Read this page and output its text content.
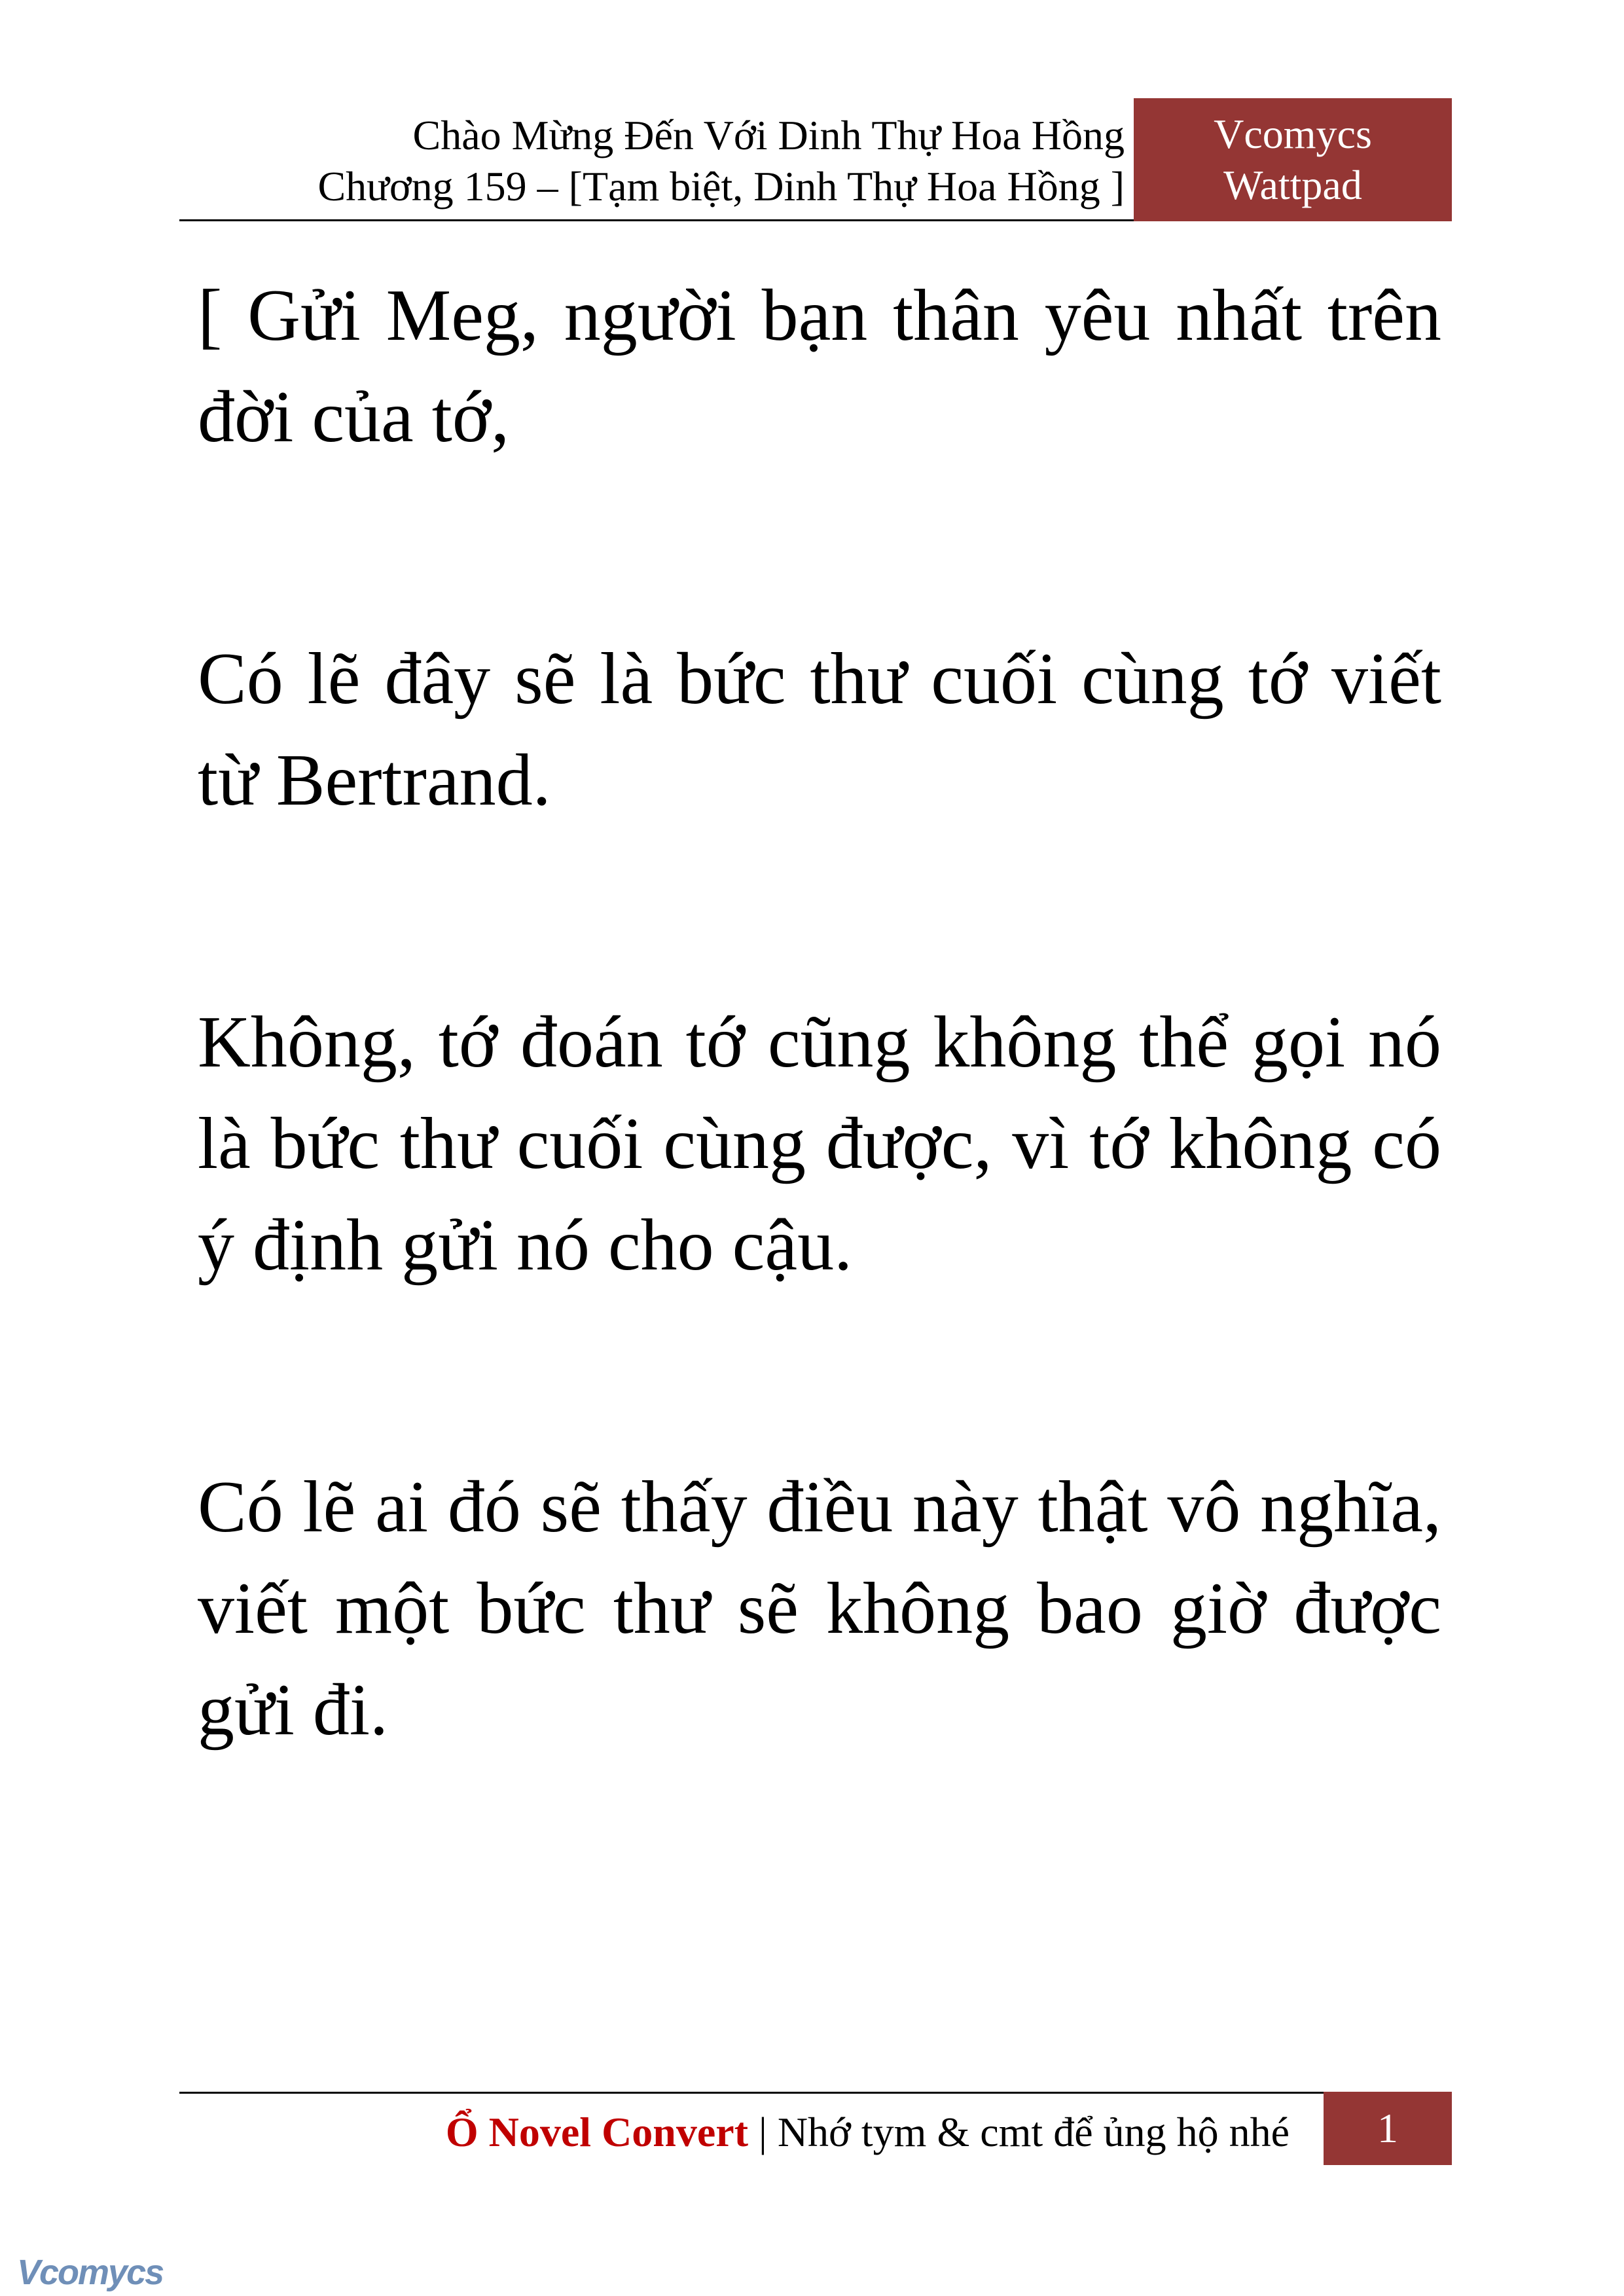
Chào Mừng Đến Với Dinh Thự Hoa Hồng
Chương 159 – [Tạm biệt, Dinh Thự Hoa Hồng ]
Vcomycs
Wattpad

[ Gửi Meg, người bạn thân yêu nhất trên đời của tớ,

Có lẽ đây sẽ là bức thư cuối cùng tớ viết từ Bertrand.

Không, tớ đoán tớ cũng không thể gọi nó là bức thư cuối cùng được, vì tớ không có ý định gửi nó cho cậu.

Có lẽ ai đó sẽ thấy điều này thật vô nghĩa, viết một bức thư sẽ không bao giờ được gửi đi.

Ổ Novel Convert | Nhớ tym & cmt để ủng hộ nhé	1
Vcomycs
